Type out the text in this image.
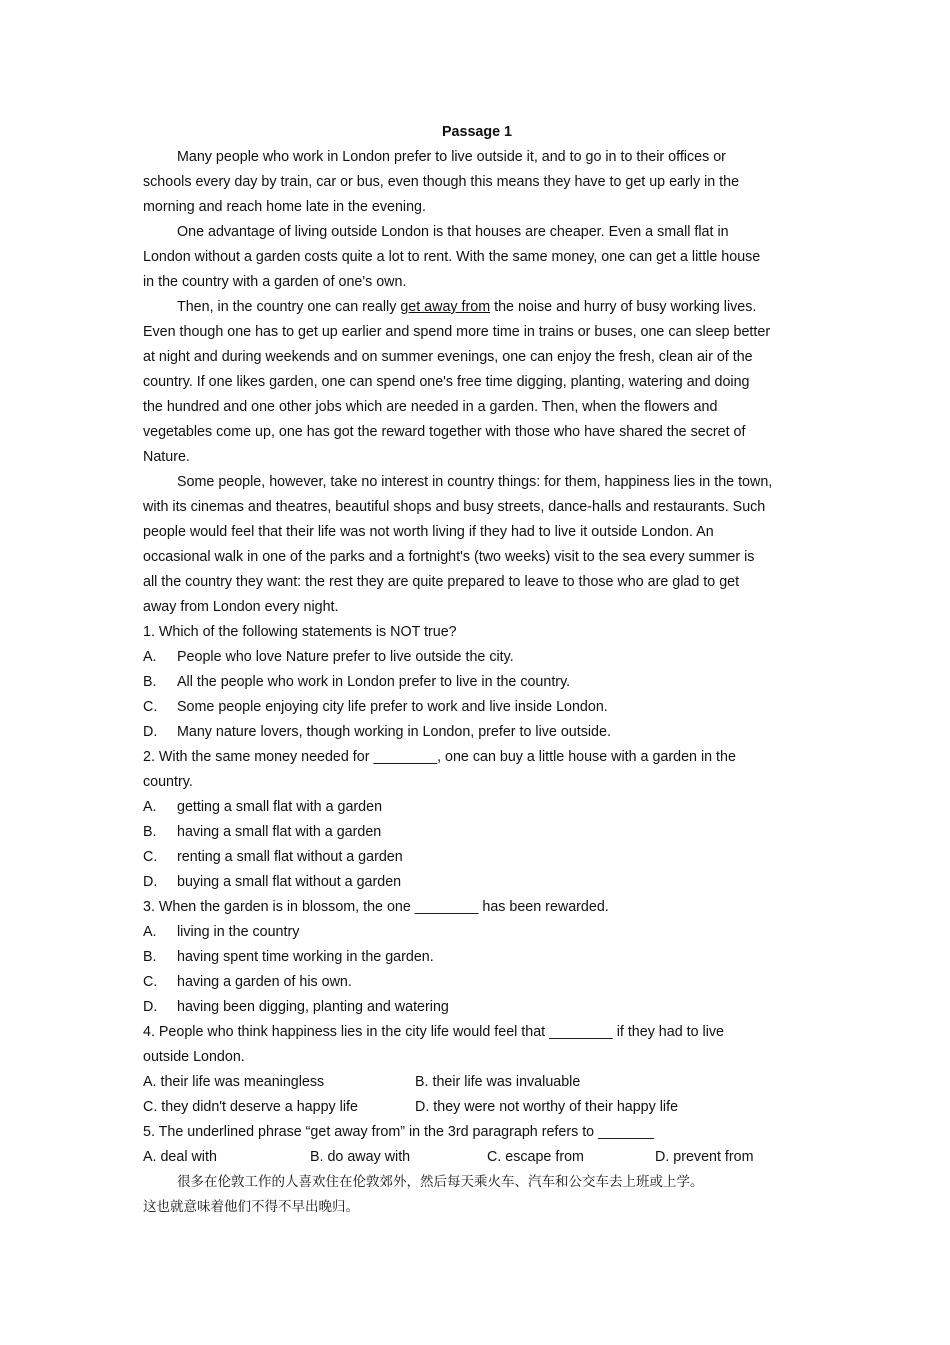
Passage 1
Many people who work in London prefer to live outside it, and to go in to their offices or
schools every day by train, car or bus, even though this means they have to get up early in the
morning and reach home late in the evening.
One advantage of living outside London is that houses are cheaper. Even a small flat in
London without a garden costs quite a lot to rent. With the same money, one can get a little house
in the country with a garden of one's own.
Then, in the country one can really get away from the noise and hurry of busy working lives.
Even though one has to get up earlier and spend more time in trains or buses, one can sleep better
at night and during weekends and on summer evenings, one can enjoy the fresh, clean air of the
country. If one likes garden, one can spend one's free time digging, planting, watering and doing
the hundred and one other jobs which are needed in a garden. Then, when the flowers and
vegetables come up, one has got the reward together with those who have shared the secret of
Nature.
Some people, however, take no interest in country things: for them, happiness lies in the town,
with its cinemas and theatres, beautiful shops and busy streets, dance-halls and restaurants. Such
people would feel that their life was not worth living if they had to live it outside London. An
occasional walk in one of the parks and a fortnight's (two weeks) visit to the sea every summer is
all the country they want: the rest they are quite prepared to leave to those who are glad to get
away from London every night.
1. Which of the following statements is NOT true?
A.	People who love Nature prefer to live outside the city.
B.	All the people who work in London prefer to live in the country.
C.	Some people enjoying city life prefer to work and live inside London.
D.	Many nature lovers, though working in London, prefer to live outside.
2. With the same money needed for ________, one can buy a little house with a garden in the
country.
A.	getting a small flat with a garden
B.	having a small flat with a garden
C.	renting a small flat without a garden
D.	buying a small flat without a garden
3. When the garden is in blossom, the one ________ has been rewarded.
A.	living in the country
B.	having spent time working in the garden.
C.	having a garden of his own.
D.	having been digging, planting and watering
4. People who think happiness lies in the city life would feel that ________ if they had to live
outside London.
A. their life was meaningless	B. their life was invaluable
C. they didn't deserve a happy life	D. they were not worthy of their happy life
5. The underlined phrase “get away from” in the 3rd paragraph refers to _______
A. deal with	B. do away with	C. escape from	D. prevent from
很多在伦敦工作的人喜欢住在伦敦郊外，然后每天乘火车、汽车和公交车去上班或上学。
这也就意味着他们不得不早出晚归。
